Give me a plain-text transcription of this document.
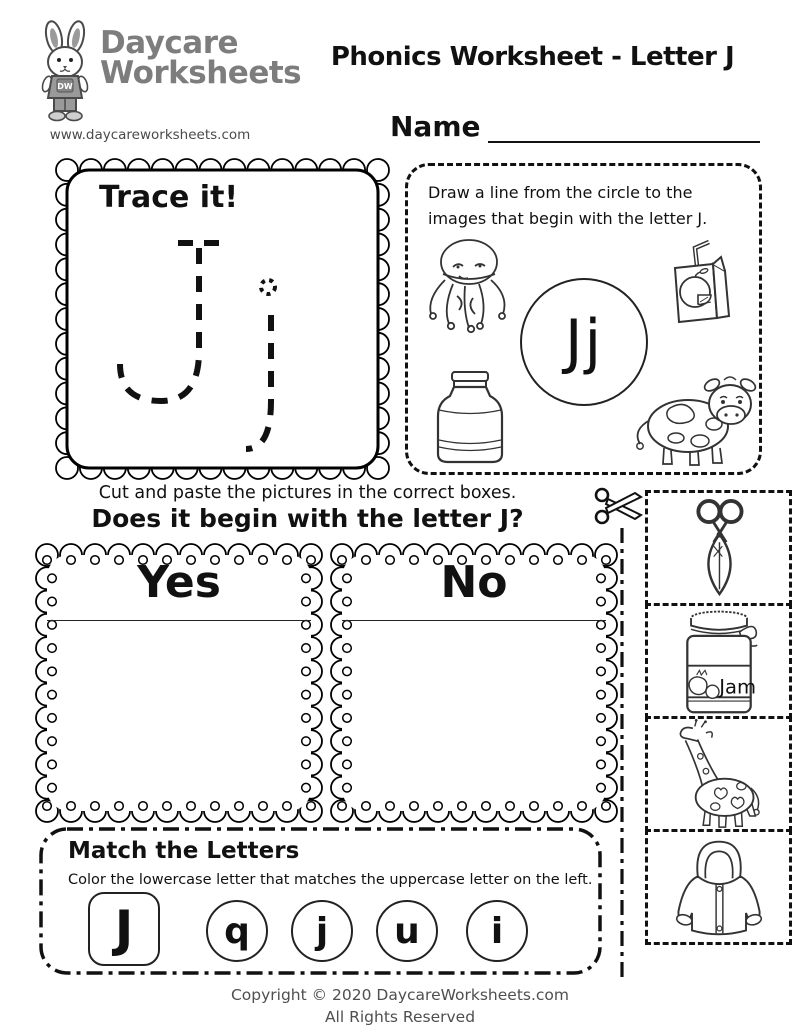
DW
Daycare
Worksheets
www.daycareworksheets.com
Phonics Worksheet - Letter J
Name
Trace it!	Draw a line from the circle to the
images that begin with the letter J.
Jj
Cut and paste the pictures in the correct boxes.
Does it begin with the letter J?
Yes	No
Jam
Match the Letters
Color the lowercase letter that matches the uppercase letter on the left.
J	q j u i
Copyright © 2020 DaycareWorksheets.com
All Rights Reserved
